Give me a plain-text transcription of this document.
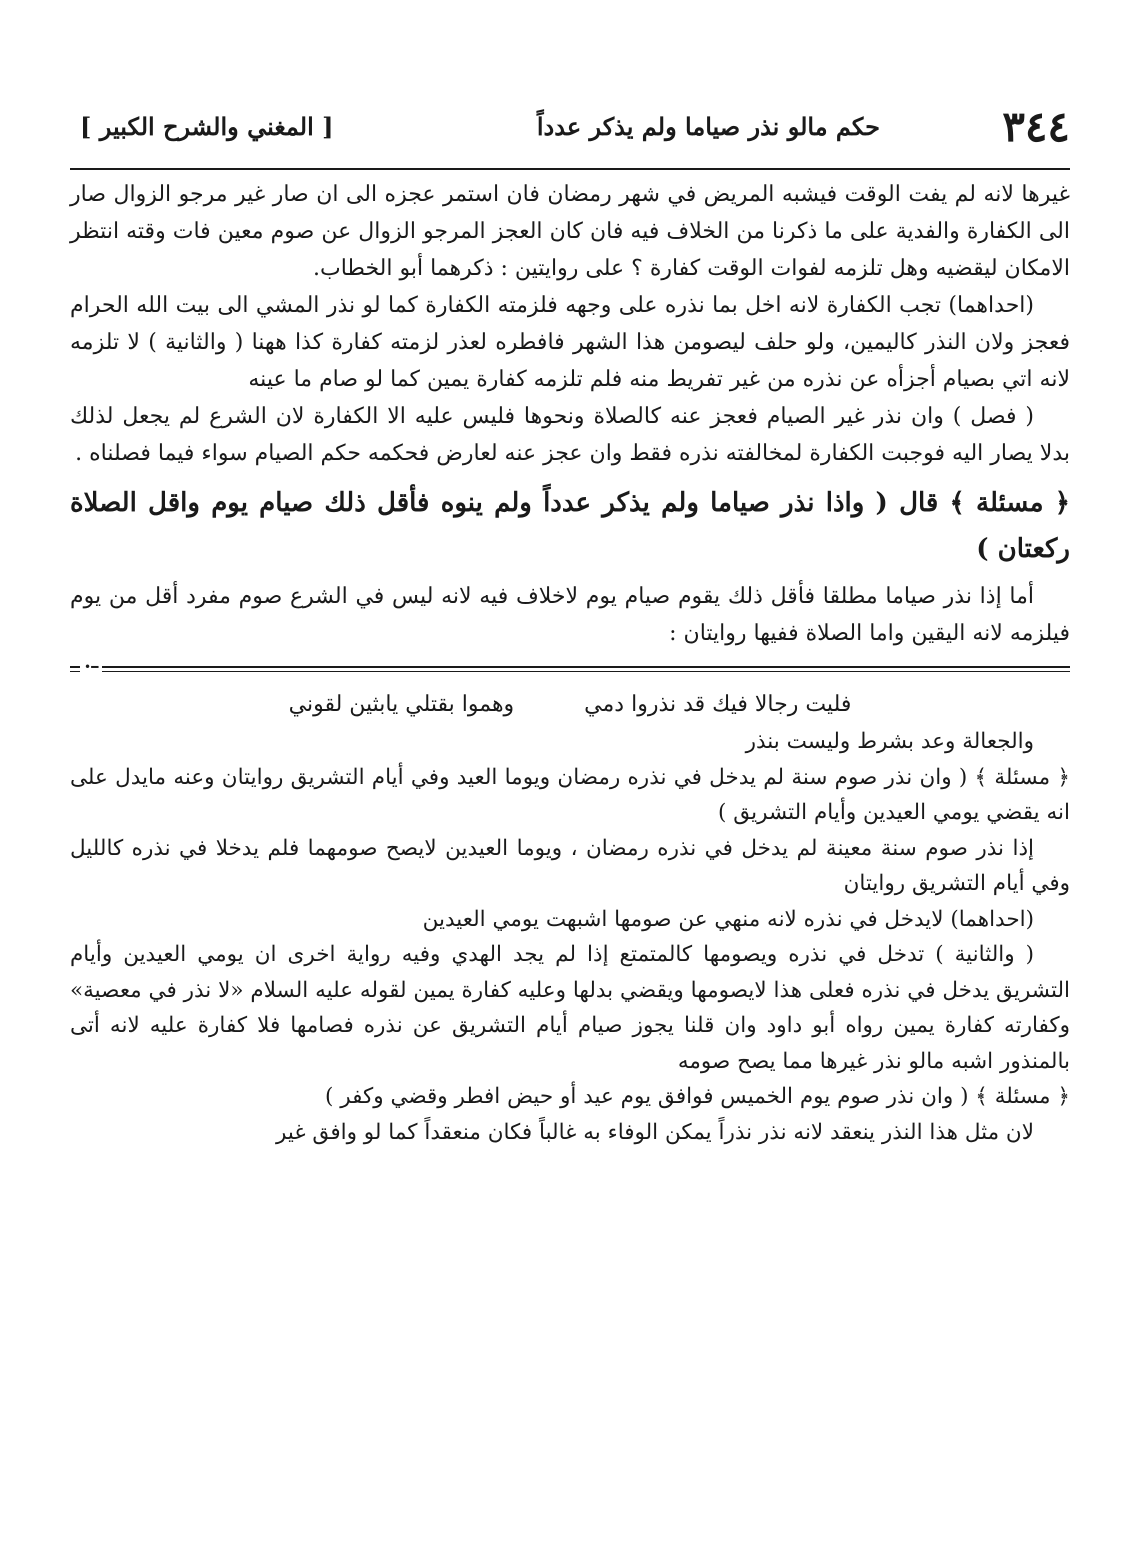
٣٤٤
حكم مالو نذر صياما ولم يذكر عدداً
[ المغني والشرح الكبير ]

غيرها لانه لم يفت الوقت فيشبه المريض في شهر رمضان فان استمر عجزه الى ان صار غير مرجو الزوال صار الى الكفارة والفدية على ما ذكرنا من الخلاف فيه فان كان العجز المرجو الزوال عن صوم معين فات وقته انتظر الامكان ليقضيه وهل تلزمه لفوات الوقت كفارة ؟ على روايتين : ذكرهما أبو الخطاب.

(احداهما) تجب الكفارة لانه اخل بما نذره على وجهه فلزمته الكفارة كما لو نذر المشي الى بيت الله الحرام فعجز ولان النذر كاليمين، ولو حلف ليصومن هذا الشهر فافطره لعذر لزمته كفارة كذا ههنا ( والثانية ) لا تلزمه لانه اتي بصيام أجزأه عن نذره من غير تفريط منه فلم تلزمه كفارة يمين كما لو صام ما عينه

( فصل ) وان نذر غير الصيام فعجز عنه كالصلاة ونحوها فليس عليه الا الكفارة لان الشرع لم يجعل لذلك بدلا يصار اليه فوجبت الكفارة لمخالفته نذره فقط وان عجز عنه لعارض فحكمه حكم الصيام سواء فيما فصلناه .

﴿ مسئلة ﴾ قال ( واذا نذر صياما ولم يذكر عدداً ولم ينوه فأقل ذلك صيام يوم واقل الصلاة ركعتان )

أما إذا نذر صياما مطلقا فأقل ذلك يقوم صيام يوم لاخلاف فيه لانه ليس في الشرع صوم مفرد أقل من يوم فيلزمه لانه اليقين واما الصلاة ففيها روايتان :

━•
فليت رجالا فيك قد نذروا دمي
وهموا بقتلي يابثين لقوني

والجعالة وعد بشرط وليست بنذر

﴿ مسئلة ﴾ ( وان نذر صوم سنة لم يدخل في نذره رمضان ويوما العيد وفي أيام التشريق روايتان وعنه مايدل على انه يقضي يومي العيدين وأيام التشريق )

إذا نذر صوم سنة معينة لم يدخل في نذره رمضان ، ويوما العيدين لايصح صومهما فلم يدخلا في نذره كالليل وفي أيام التشريق روايتان

(احداهما) لايدخل في نذره لانه منهي عن صومها اشبهت يومي العيدين

( والثانية ) تدخل في نذره ويصومها كالمتمتع إذا لم يجد الهدي وفيه رواية اخرى ان يومي العيدين وأيام التشريق يدخل في نذره فعلى هذا لايصومها ويقضي بدلها وعليه كفارة يمين لقوله عليه السلام «لا نذر في معصية» وكفارته كفارة يمين رواه أبو داود وان قلنا يجوز صيام أيام التشريق عن نذره فصامها فلا كفارة عليه لانه أتى بالمنذور اشبه مالو نذر غيرها مما يصح صومه

﴿ مسئلة ﴾ ( وان نذر صوم يوم الخميس فوافق يوم عيد أو حيض افطر وقضي وكفر )

لان مثل هذا النذر ينعقد لانه نذر نذراً يمكن الوفاء به غالباً فكان منعقداً كما لو وافق غير
